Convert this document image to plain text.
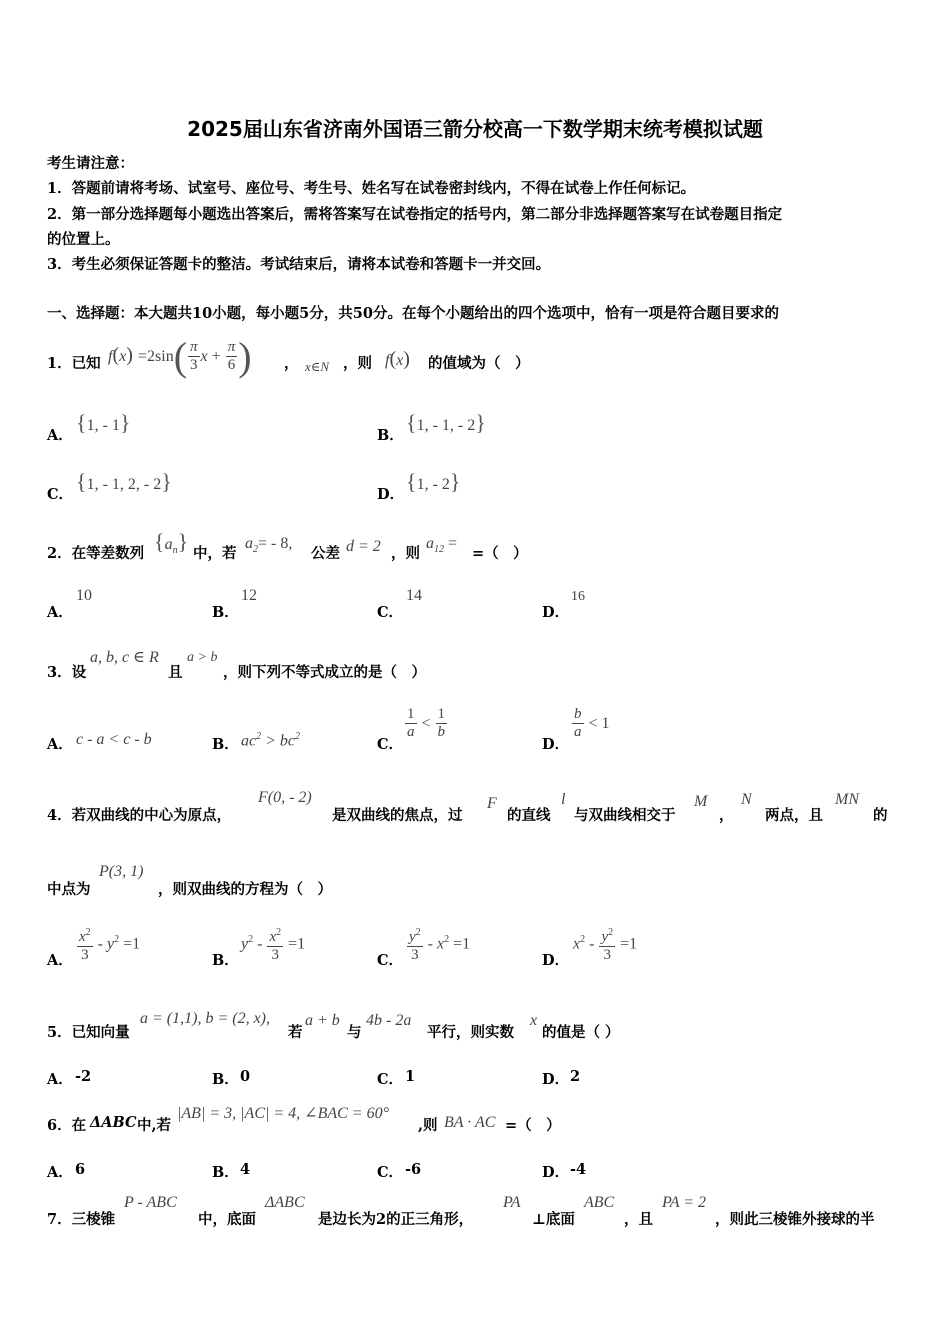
2025届山东省济南外国语三箭分校高一下数学期末统考模拟试题
考生请注意：
1．答题前请将考场、试室号、座位号、考生号、姓名写在试卷密封线内，不得在试卷上作任何标记。
2．第一部分选择题每小题选出答案后，需将答案写在试卷指定的括号内，第二部分非选择题答案写在试卷题目指定
的位置上。
3．考生必须保证答题卡的整洁。考试结束后，请将本试卷和答题卡一并交回。
一、选择题：本大题共10小题，每小题5分，共50分。在每个小题给出的四个选项中，恰有一项是符合题目要求的
1．已知 $f(x) =2\sin( \frac{\pi}{3}$ $x + \frac{\pi}{6}$ ) ， x∈N ，则 f(x) 的值域为（　）
A．
{1, - 1}
B．
{1, - 1, - 2}
C．
{1, - 1, 2, - 2}
D．
{1, - 2}
2．在等差数列 $\{a_n\}$ 中，若
$a_2= - 8$,
公差 d = 2 ，则
$a_{12}$ =
=（　）
A．
10
B．
12
C．
14
D．
16
3．设
a, b, c ∈ R
且
a > b
，则下列不等式成立的是（　）
A． c - a < c - b	B． $ac^2 > bc^2$	C．
$\frac{1}{a} < \frac{1}{b}$
D．
$\frac{b}{a} < 1$
4．若双曲线的中心为原点，
F(0, - 2)
是双曲线的焦点，过
F
的直线
l
与双曲线相交于
M
，
N
两点，且
MN
的
中点为
P(3, 1)
，则双曲线的方程为（　）
A． $\frac{x^2}{3} - y^2 =1$
B．
$y^2 - \frac{x^2}{3} =1$
C． $\frac{y^2}{3} - x^2 =1$
D．
$x^2 - \frac{y^2}{3} =1$
5．已知向量
a = (1,1), b = (2, x),
若
a + b
与
4b - 2a
平行，则实数
x
的值是（ ）
A． -2	B． 0	C． 1	D． 2
6．在 ΔABC 中,若
|AB| = 3, |AC| = 4, ∠BAC = 60°
,则 BA · AC =（　）
A． 6	B． 4	C． -6	D． -4
7．三棱锥
P - ABC
中，底面
ΔABC
是边长为2的正三角形，
PA
⊥底面
ABC
，且
PA = 2
，则此三棱锥外接球的半
